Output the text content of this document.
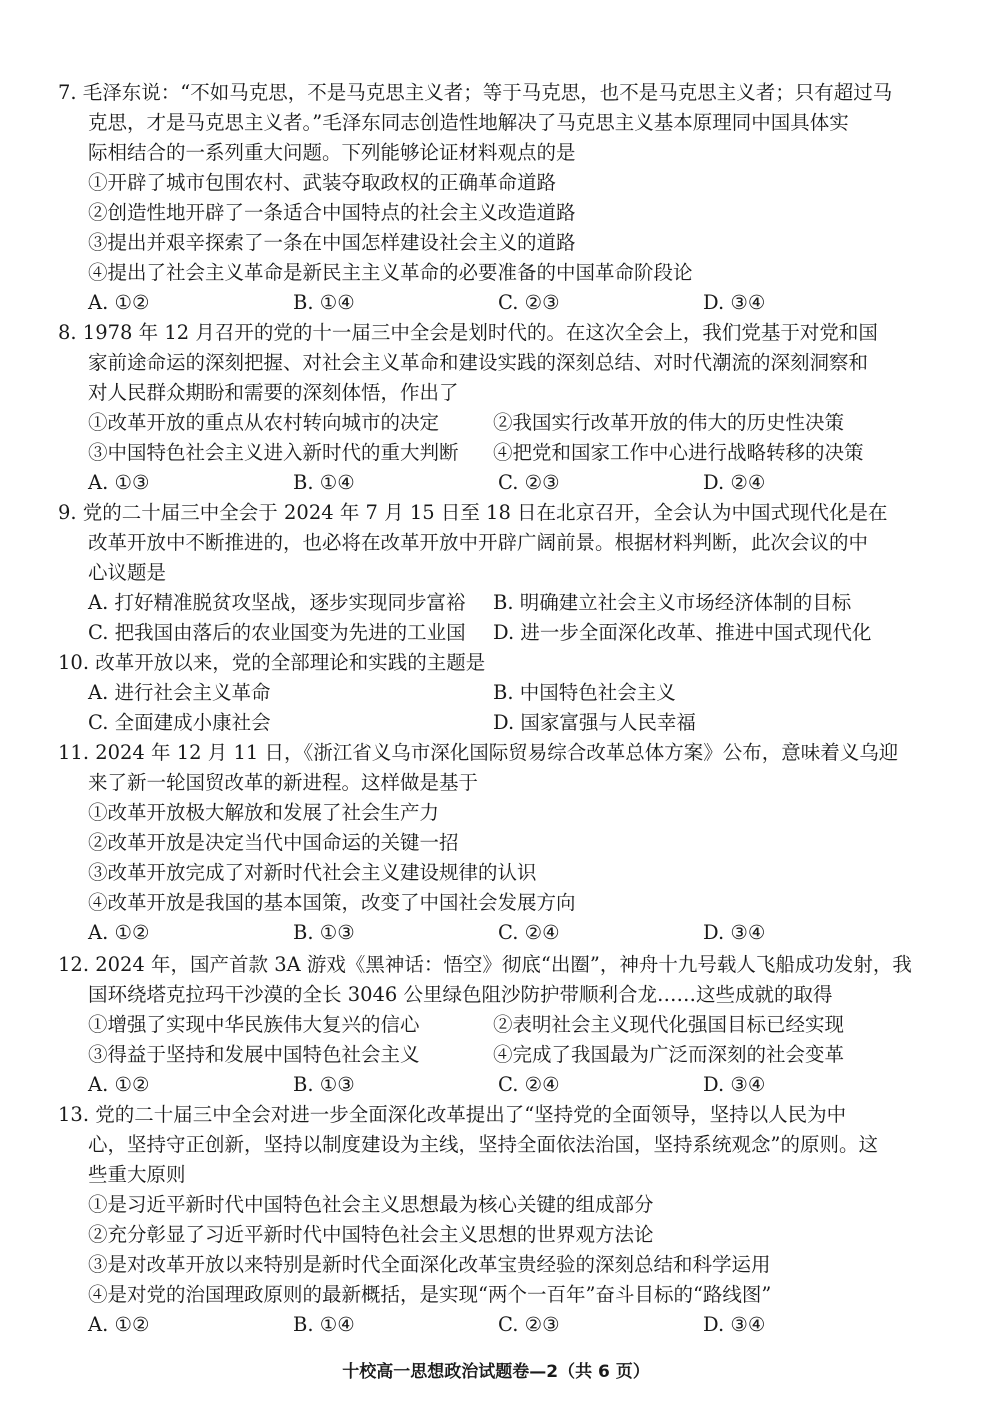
7. 毛泽东说：“不如马克思，不是马克思主义者；等于马克思，也不是马克思主义者；只有超过马
克思，才是马克思主义者。”毛泽东同志创造性地解决了马克思主义基本原理同中国具体实
际相结合的一系列重大问题。下列能够论证材料观点的是
①开辟了城市包围农村、武装夺取政权的正确革命道路
②创造性地开辟了一条适合中国特点的社会主义改造道路
③提出并艰辛探索了一条在中国怎样建设社会主义的道路
④提出了社会主义革命是新民主主义革命的必要准备的中国革命阶段论
A. ①②	B. ①④	C. ②③	D. ③④
8. 1978 年 12 月召开的党的十一届三中全会是划时代的。在这次全会上，我们党基于对党和国
家前途命运的深刻把握、对社会主义革命和建设实践的深刻总结、对时代潮流的深刻洞察和
对人民群众期盼和需要的深刻体悟，作出了
①改革开放的重点从农村转向城市的决定	②我国实行改革开放的伟大的历史性决策
③中国特色社会主义进入新时代的重大判断	④把党和国家工作中心进行战略转移的决策
A. ①③	B. ①④	C. ②③	D. ②④
9. 党的二十届三中全会于 2024 年 7 月 15 日至 18 日在北京召开，全会认为中国式现代化是在
改革开放中不断推进的，也必将在改革开放中开辟广阔前景。根据材料判断，此次会议的中
心议题是
A. 打好精准脱贫攻坚战，逐步实现同步富裕	B. 明确建立社会主义市场经济体制的目标
C. 把我国由落后的农业国变为先进的工业国	D. 进一步全面深化改革、推进中国式现代化
10. 改革开放以来，党的全部理论和实践的主题是
A. 进行社会主义革命	B. 中国特色社会主义
C. 全面建成小康社会	D. 国家富强与人民幸福
11. 2024 年 12 月 11 日，《浙江省义乌市深化国际贸易综合改革总体方案》公布，意味着义乌迎
来了新一轮国贸改革的新进程。这样做是基于
①改革开放极大解放和发展了社会生产力
②改革开放是决定当代中国命运的关键一招
③改革开放完成了对新时代社会主义建设规律的认识
④改革开放是我国的基本国策，改变了中国社会发展方向
A. ①②	B. ①③	C. ②④	D. ③④
12. 2024 年，国产首款 3A 游戏《黑神话：悟空》彻底“出圈”，神舟十九号载人飞船成功发射，我
国环绕塔克拉玛干沙漠的全长 3046 公里绿色阻沙防护带顺利合龙……这些成就的取得
①增强了实现中华民族伟大复兴的信心	②表明社会主义现代化强国目标已经实现
③得益于坚持和发展中国特色社会主义	④完成了我国最为广泛而深刻的社会变革
A. ①②	B. ①③	C. ②④	D. ③④
13. 党的二十届三中全会对进一步全面深化改革提出了“坚持党的全面领导，坚持以人民为中
心，坚持守正创新，坚持以制度建设为主线，坚持全面依法治国，坚持系统观念”的原则。这
些重大原则
①是习近平新时代中国特色社会主义思想最为核心关键的组成部分
②充分彰显了习近平新时代中国特色社会主义思想的世界观方法论
③是对改革开放以来特别是新时代全面深化改革宝贵经验的深刻总结和科学运用
④是对党的治国理政原则的最新概括，是实现“两个一百年”奋斗目标的“路线图”
A. ①②	B. ①④	C. ②③	D. ③④
十校高一思想政治试题卷—2（共 6 页）
